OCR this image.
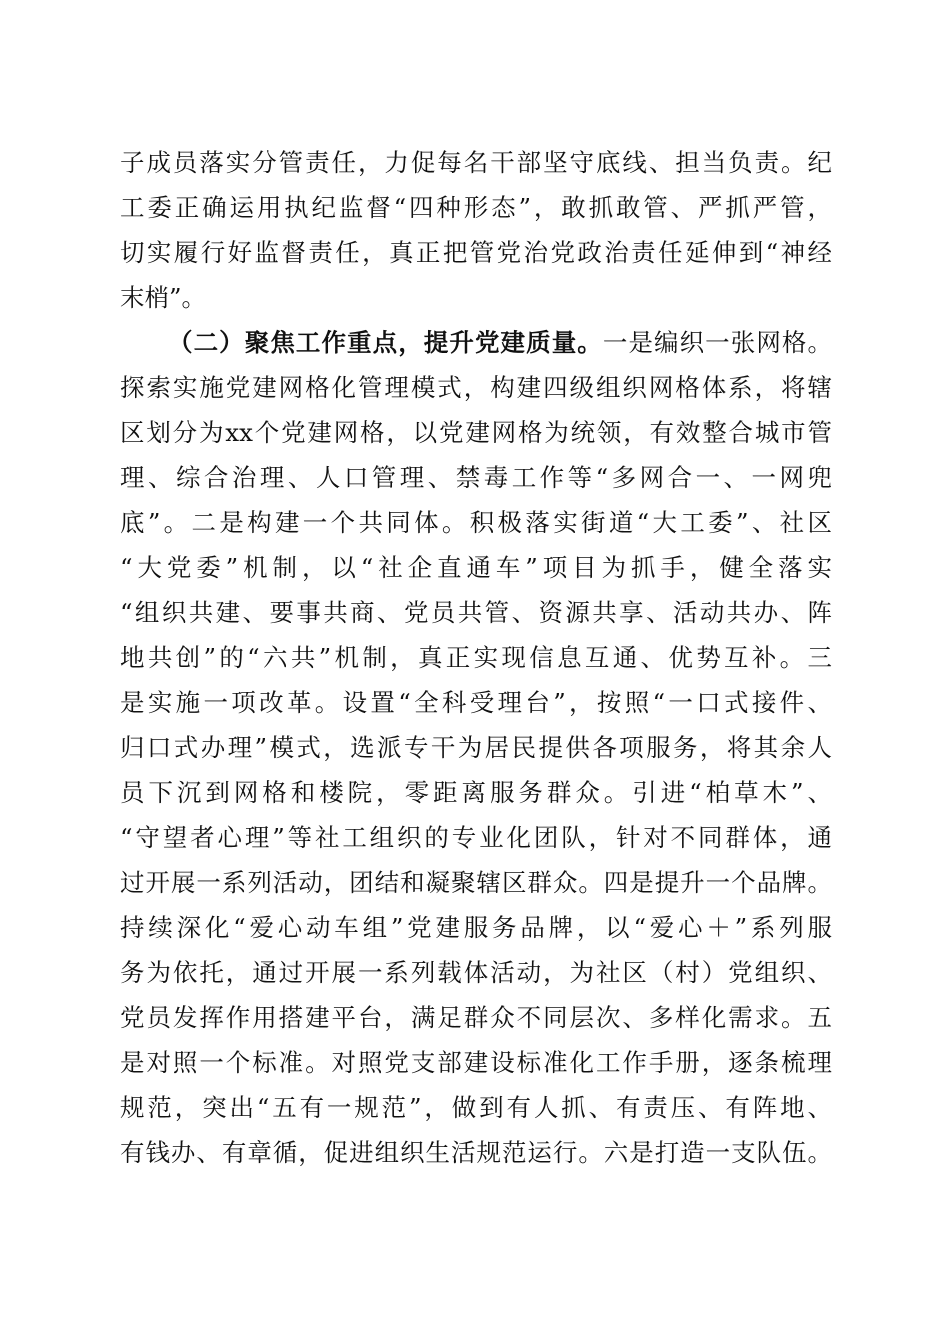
子成员落实分管责任，力促每名干部坚守底线、担当负责。纪
工委正确运用执纪监督“四种形态”，敢抓敢管、严抓严管，
切实履行好监督责任，真正把管党治党政治责任延伸到“神经
末梢”。
（二）聚焦工作重点，提升党建质量。一是编织一张网格。
探索实施党建网格化管理模式，构建四级组织网格体系，将辖
区划分为xx个党建网格，以党建网格为统领，有效整合城市管
理、综合治理、人口管理、禁毒工作等“多网合一、一网兜
底”。二是构建一个共同体。积极落实街道“大工委”、社区
“大党委”机制，以“社企直通车”项目为抓手，健全落实
“组织共建、要事共商、党员共管、资源共享、活动共办、阵
地共创”的“六共”机制，真正实现信息互通、优势互补。三
是实施一项改革。设置“全科受理台”，按照“一口式接件、
归口式办理”模式，选派专干为居民提供各项服务，将其余人
员下沉到网格和楼院，零距离服务群众。引进“柏草木”、
“守望者心理”等社工组织的专业化团队，针对不同群体，通
过开展一系列活动，团结和凝聚辖区群众。四是提升一个品牌。
持续深化“爱心动车组”党建服务品牌，以“爱心＋”系列服
务为依托，通过开展一系列载体活动，为社区（村）党组织、
党员发挥作用搭建平台，满足群众不同层次、多样化需求。五
是对照一个标准。对照党支部建设标准化工作手册，逐条梳理
规范，突出“五有一规范”，做到有人抓、有责压、有阵地、
有钱办、有章循，促进组织生活规范运行。六是打造一支队伍。
